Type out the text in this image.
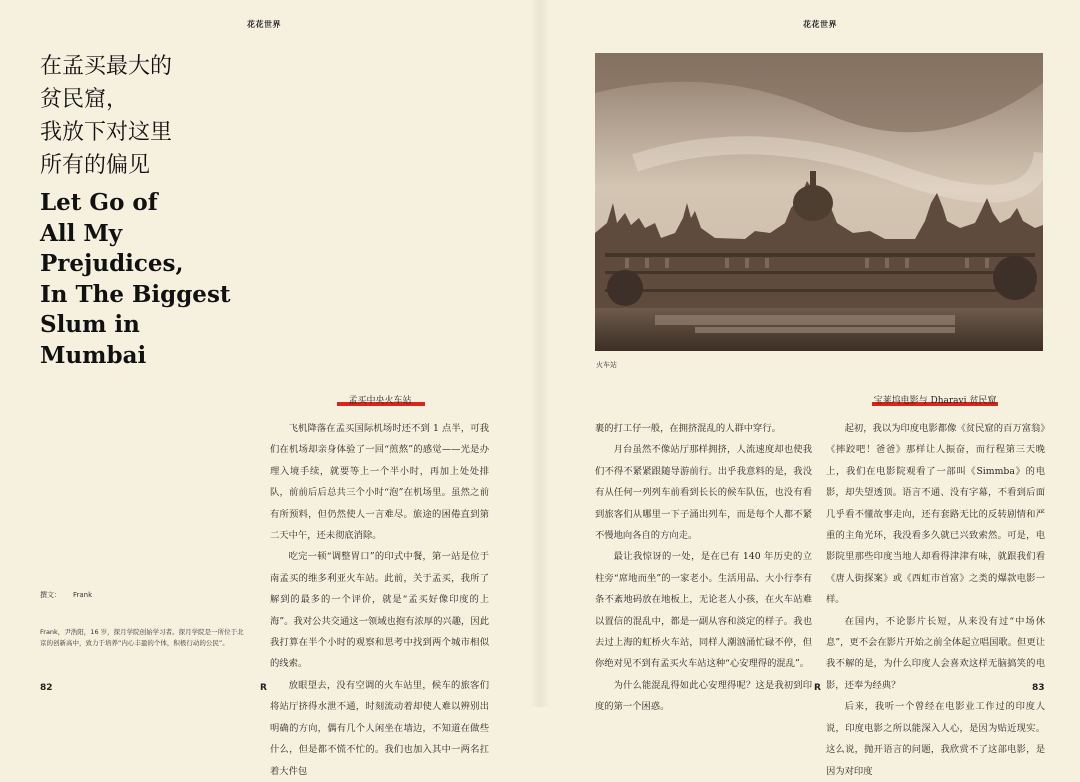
花花世界
在孟买最大的
贫民窟，
我放下对这里
所有的偏见
Let Go of
All My
Prejudices,
In The Biggest
Slum in
Mumbai
孟买中央火车站

飞机降落在孟买国际机场时还不到 1 点半，可我们在机场却亲身体验了一回“煎熬”的感觉——光是办理入境手续，就要等上一个半小时，再加上处处排队，前前后后总共三个小时“泡”在机场里。虽然之前有所预料，但仍然使人一言难尽。旅途的困倦直到第二天中午，还未彻底消除。

吃完一顿“调整胃口”的印式中餐，第一站是位于南孟买的维多利亚火车站。此前，关于孟买，我所了解到的最多的一个评价，就是“孟买好像印度的上海”。我对公共交通这一领域也抱有浓厚的兴趣，因此我打算在半个小时的观察和思考中找到两个城市相似的线索。

放眼望去，没有空调的火车站里，候车的旅客们将站厅挤得水泄不通，时刻流动着却使人难以辨别出明确的方向，偶有几个人闲坐在墙边，不知道在做些什么，但是都不慌不忙的。我们也加入其中一两名扛着大件包

撰文： Frank
Frank，尹浩阳，16 岁，探月学院创始学习者。探月学院是一所位于北京的创新高中，致力于培养“内心丰盈的个体，积极行动的公民”。
82	R
花花世界
火车站

裹的打工仔一般，在拥挤混乱的人群中穿行。

月台虽然不像站厅那样拥挤，人流速度却也使我们不得不紧紧跟随导游前行。出乎我意料的是，我没有从任何一列列车前看到长长的候车队伍，也没有看到旅客们从哪里一下子涌出列车，而是每个人都不紧不慢地向各自的方向走。

最让我惊讶的一处，是在已有 140 年历史的立柱旁“席地而坐”的一家老小。生活用品、大小行李有条不紊地码放在地板上，无论老人小孩，在火车站难以置信的混乱中，都是一副从容和淡定的样子。我也去过上海的虹桥火车站，同样人潮汹涌忙碌不停，但你绝对见不到有孟买火车站这种“心安理得的混乱”。

为什么能混乱得如此心安理得呢？这是我初到印度的第一个困惑。

宝莱坞电影与 Dharavi 贫民窟

起初，我以为印度电影都像《贫民窟的百万富翁》《摔跤吧！爸爸》那样让人振奋，而行程第三天晚上，我们在电影院观看了一部叫《Simmba》的电影，却失望透顶。语言不通、没有字幕，不看到后面几乎看不懂故事走向，还有套路无比的反转剧情和严重的主角光环，我没看多久就已兴致索然。可是，电影院里那些印度当地人却看得津津有味，就跟我们看《唐人街探案》或《西虹市首富》之类的爆款电影一样。

在国内，不论影片长短，从来没有过“中场休息”，更不会在影片开始之前全体起立唱国歌。但更让我不解的是，为什么印度人会喜欢这样无脑搞笑的电影，还奉为经典？

后来，我听一个曾经在电影业工作过的印度人说，印度电影之所以能深入人心，是因为贴近现实。这么说，抛开语言的问题，我欣赏不了这部电影，是因为对印度

R	83
